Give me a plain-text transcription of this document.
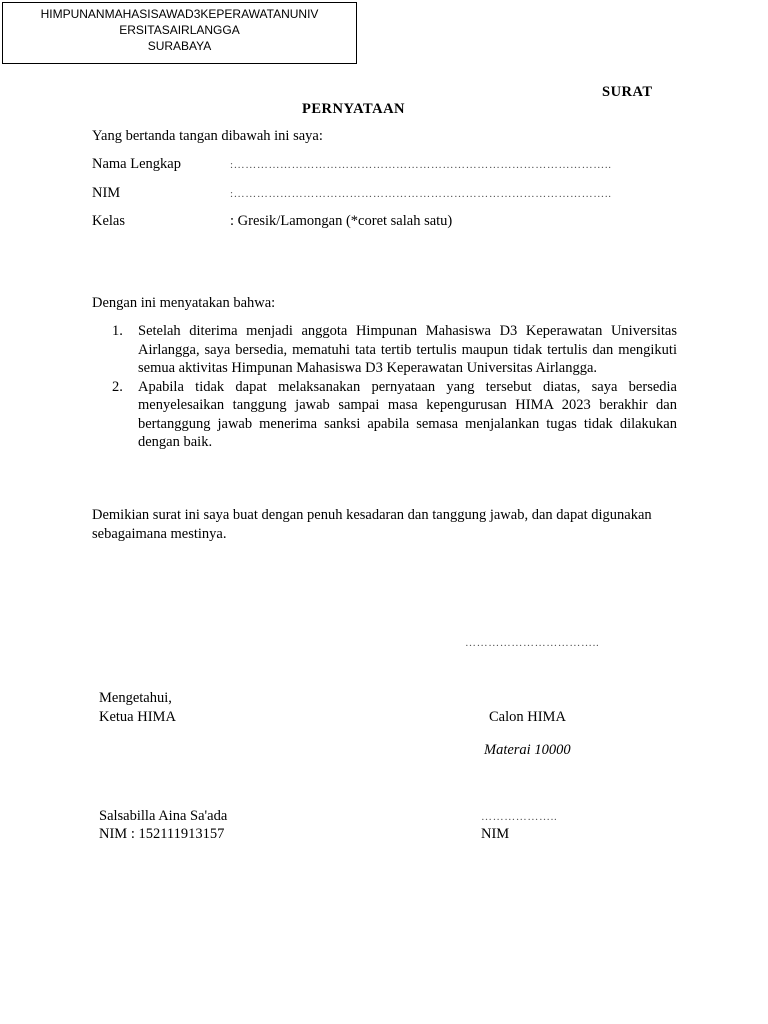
HIMPUNANMAHASISAWAD3KEPERAWATANUNIV
ERSITASAIRLANGGA
SURABAYA
SURAT
PERNYATAAN
Yang bertanda tangan dibawah ini saya:
Nama Lengkap	:……………………………………………………………………………………..
NIM	:……………………………………………………………………………………..
Kelas	: Gresik/Lamongan (*coret salah satu)
Dengan ini menyatakan bahwa:
1. Setelah diterima menjadi anggota Himpunan Mahasiswa D3 Keperawatan Universitas Airlangga, saya bersedia, mematuhi tata tertib tertulis maupun tidak tertulis dan mengikuti semua aktivitas Himpunan Mahasiswa D3 Keperawatan Universitas Airlangga.
2. Apabila tidak dapat melaksanakan pernyataan yang tersebut diatas, saya bersedia menyelesaikan tanggung jawab sampai masa kepengurusan HIMA 2023 berakhir dan bertanggung jawab menerima sanksi apabila semasa menjalankan tugas tidak dilakukan dengan baik.
Demikian surat ini saya buat dengan penuh kesadaran dan tanggung jawab, dan dapat digunakan sebagaimana mestinya.
……………………………..
Mengetahui,
Ketua HIMA	Calon HIMA
Materai 10000
Salsabilla Aina Sa'ada	………………..
NIM : 152111913157	NIM
